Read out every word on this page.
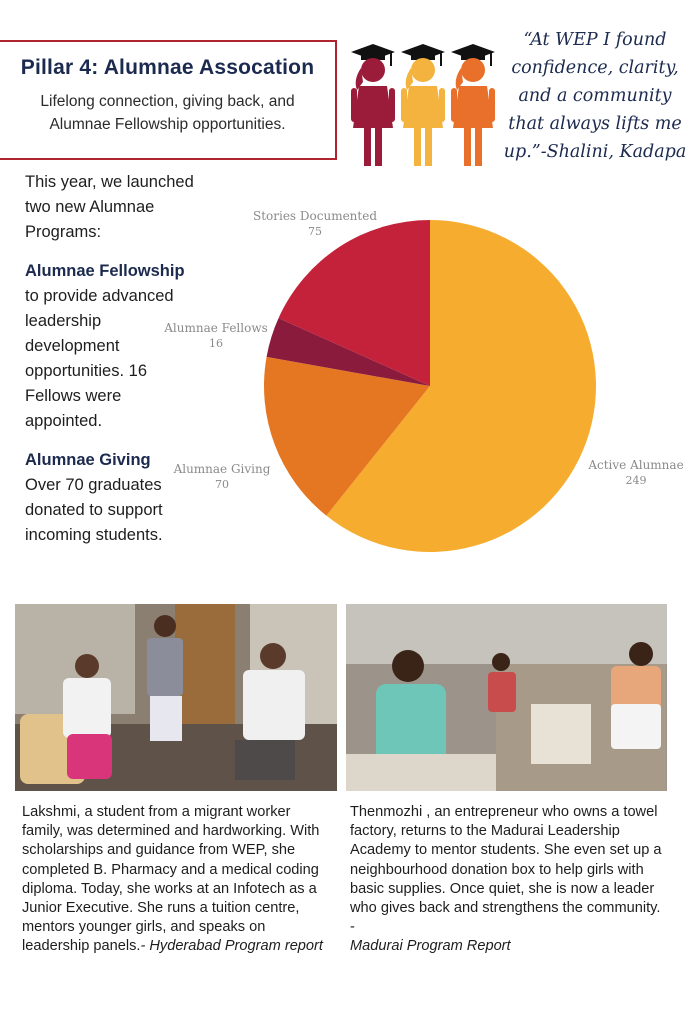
Pillar 4: Alumnae Assocation
Lifelong connection, giving back, and Alumnae Fellowship opportunities.
“At WEP I found confidence, clarity, and a community that always lifts me up.”-Shalini, Kadapa
This year, we launched two new Alumnae Programs:
Alumnae Fellowship to provide advanced leadership development opportunities. 16 Fellows were appointed.
Alumnae Giving
Over 70 graduates donated to support incoming students.
Active Alumnae
249
Alumnae Giving
70
Alumnae Fellows
16
Stories Documented
75
Lakshmi, a student from a migrant worker family, was determined and hardworking. With scholarships and guidance from WEP, she completed B. Pharmacy and a medical coding diploma. Today, she works at an Infotech as a Junior Executive. She runs a tuition centre, mentors younger girls, and speaks on leadership panels.- Hyderabad Program report
Thenmozhi , an entrepreneur who owns a towel factory, returns to the Madurai Leadership Academy to mentor students. She even set up a neighbourhood donation box to help girls with basic supplies. Once quiet, she is now a leader who gives back and strengthens the community. -
Madurai Program Report
